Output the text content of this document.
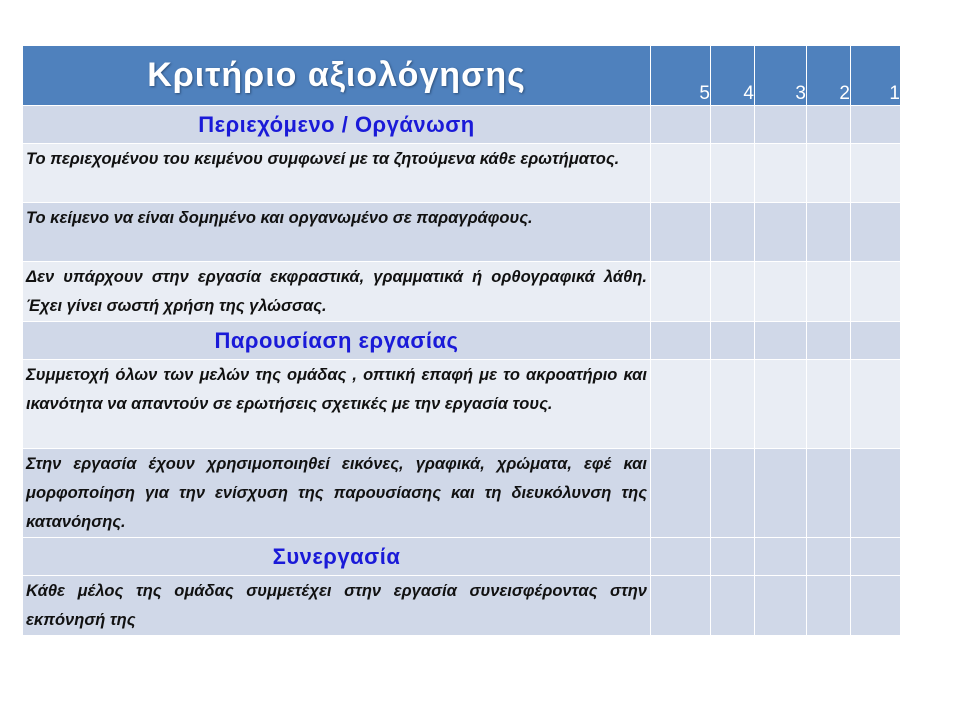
Κριτήριο αξιολόγησης	5	4	3	2	1
Περιεχόμενο / Οργάνωση					
Το περιεχομένου του κειμένου συμφωνεί με τα ζητούμενα κάθε ερωτήματος.					
Το κείμενο να είναι δομημένο και οργανωμένο σε παραγράφους.					
Δεν υπάρχουν στην εργασία εκφραστικά, γραμματικά ή ορθογραφικά λάθη. Έχει γίνει σωστή χρήση της γλώσσας.					
Παρουσίαση εργασίας					
Συμμετοχή όλων των μελών της ομάδας , οπτική επαφή με το ακροατήριο και ικανότητα να απαντούν σε ερωτήσεις σχετικές με την εργασία τους.					
Στην εργασία έχουν χρησιμοποιηθεί εικόνες, γραφικά, χρώματα, εφέ και μορφοποίηση για την ενίσχυση της παρουσίασης και τη διευκόλυνση της κατανόησης.					
Συνεργασία					
Κάθε μέλος της ομάδας συμμετέχει στην εργασία συνεισφέροντας στην εκπόνησή της					
